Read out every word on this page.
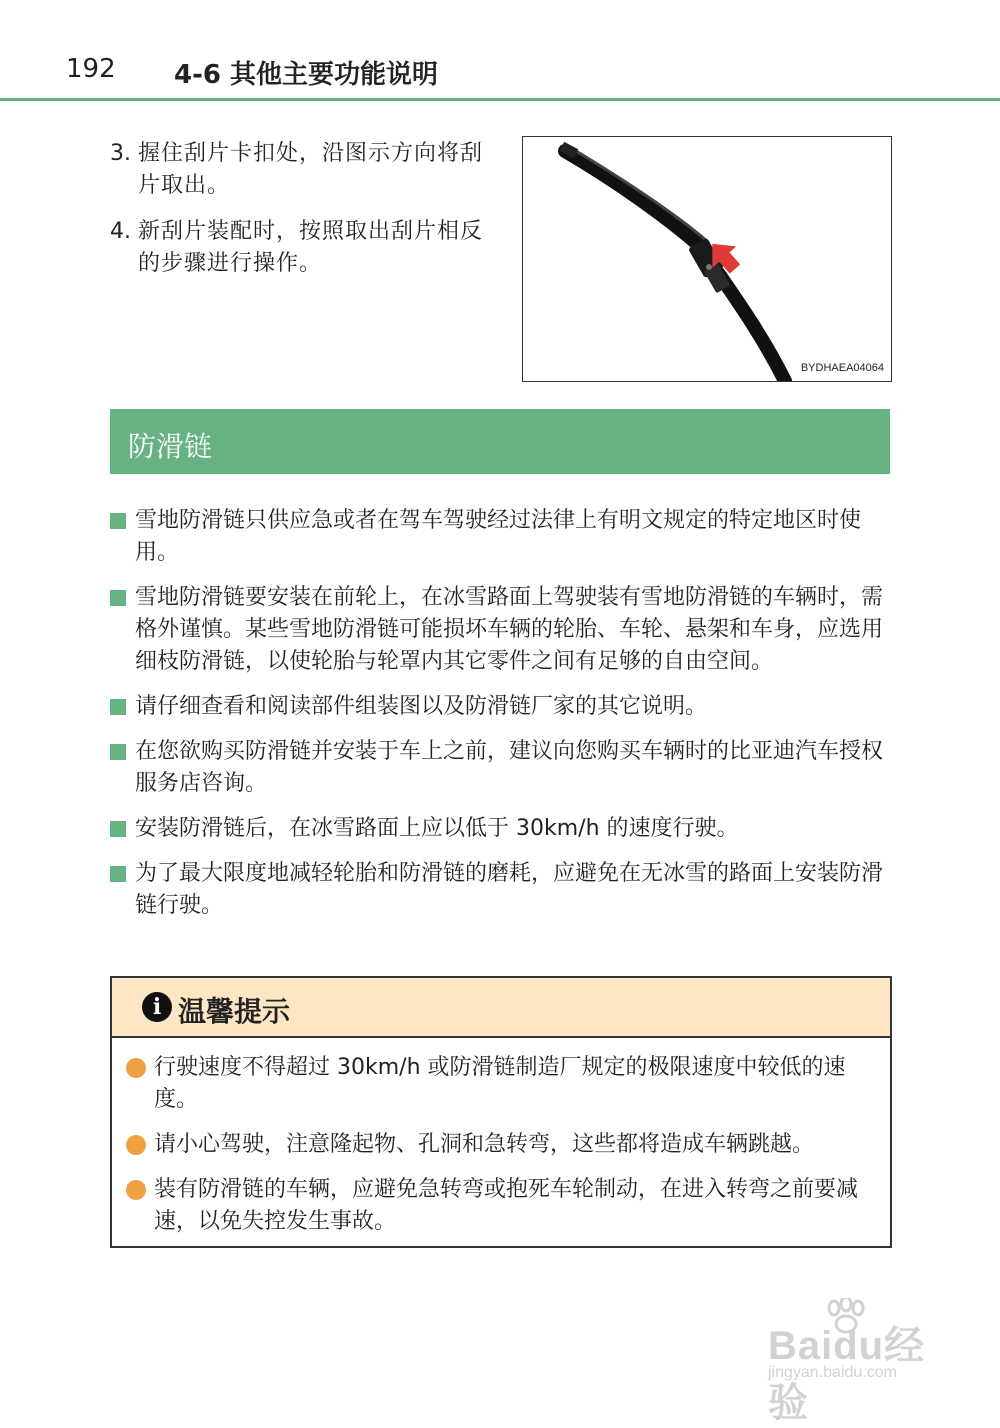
192 4-6 其他主要功能说明
3. 握住刮片卡扣处，沿图示方向将刮片取出。
4. 新刮片装配时，按照取出刮片相反的步骤进行操作。
BYDHAEA04064
防滑链
雪地防滑链只供应急或者在驾车驾驶经过法律上有明文规定的特定地区时使用。
雪地防滑链要安装在前轮上，在冰雪路面上驾驶装有雪地防滑链的车辆时，需格外谨慎。某些雪地防滑链可能损坏车辆的轮胎、车轮、悬架和车身，应选用细枝防滑链，以使轮胎与轮罩内其它零件之间有足够的自由空间。
请仔细查看和阅读部件组装图以及防滑链厂家的其它说明。
在您欲购买防滑链并安装于车上之前，建议向您购买车辆时的比亚迪汽车授权服务店咨询。
安装防滑链后，在冰雪路面上应以低于 30km/h 的速度行驶。
为了最大限度地减轻轮胎和防滑链的磨耗，应避免在无冰雪的路面上安装防滑链行驶。
i 温馨提示
行驶速度不得超过 30km/h 或防滑链制造厂规定的极限速度中较低的速度。
请小心驾驶，注意隆起物、孔洞和急转弯，这些都将造成车辆跳越。
装有防滑链的车辆，应避免急转弯或抱死车轮制动，在进入转弯之前要减速，以免失控发生事故。
Baidu经验
jingyan.baidu.com
